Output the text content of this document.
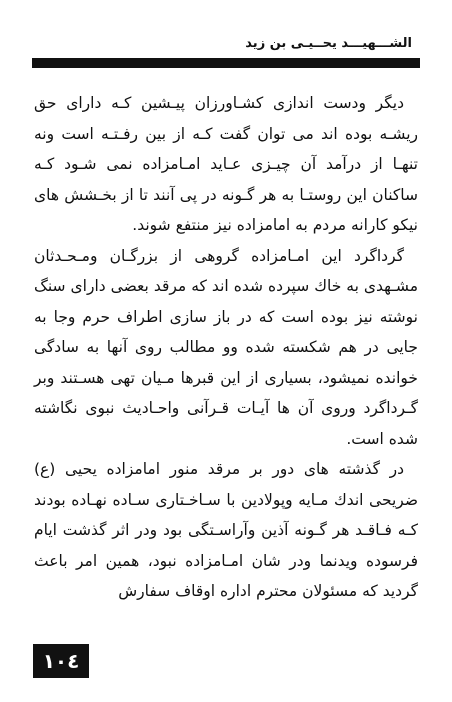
الشـــهيـــد يحــيـى بن زيد

ديگر ودست اندازى كشـاورزان پيـشين كـه داراى حق ريشـه بوده اند مى توان گفت كـه از بين رفـتـه است ونه تنهـا از درآمد آن چيـزى عـايد امـامزاده نمى شـود كـه ساكنان اين روستـا به هر گـونه در پى آنند تا از بخـشش هاى نيكو كارانه مردم به امامزاده نيز منتفع شوند.

گرداگرد اين امـامزاده گروهى از بزرگـان ومـحـدثان مشـهدى به خاك سپرده شده اند كه مرقد بعضى داراى سنگ نوشته نيز بوده است كه در باز سازى اطراف حرم وجا به جايى در هم شكسته شده وو مطالب روى آنها به سادگى خوانده نميشود، بسيارى از اين قبرها مـيان تهى هسـتند وبر گـرداگرد وروى آن ها آيـات قـرآنى واحـاديث نبوى نگاشته شده است.

در گذشته هاى دور بر مرقد منور امامزاده يحيى (ع) ضريحى اندك مـايه وپولادين با سـاخـتارى سـاده نهـاده بودند كـه فـاقـد هر گـونه آذين وآراسـتگى بود ودر اثر گذشت ايام فرسوده ويدنما ودر شان امـامزاده نبود، همين امر باعث گرديد كه مسئولان محترم اداره اوقاف سفارش

١٠٤
